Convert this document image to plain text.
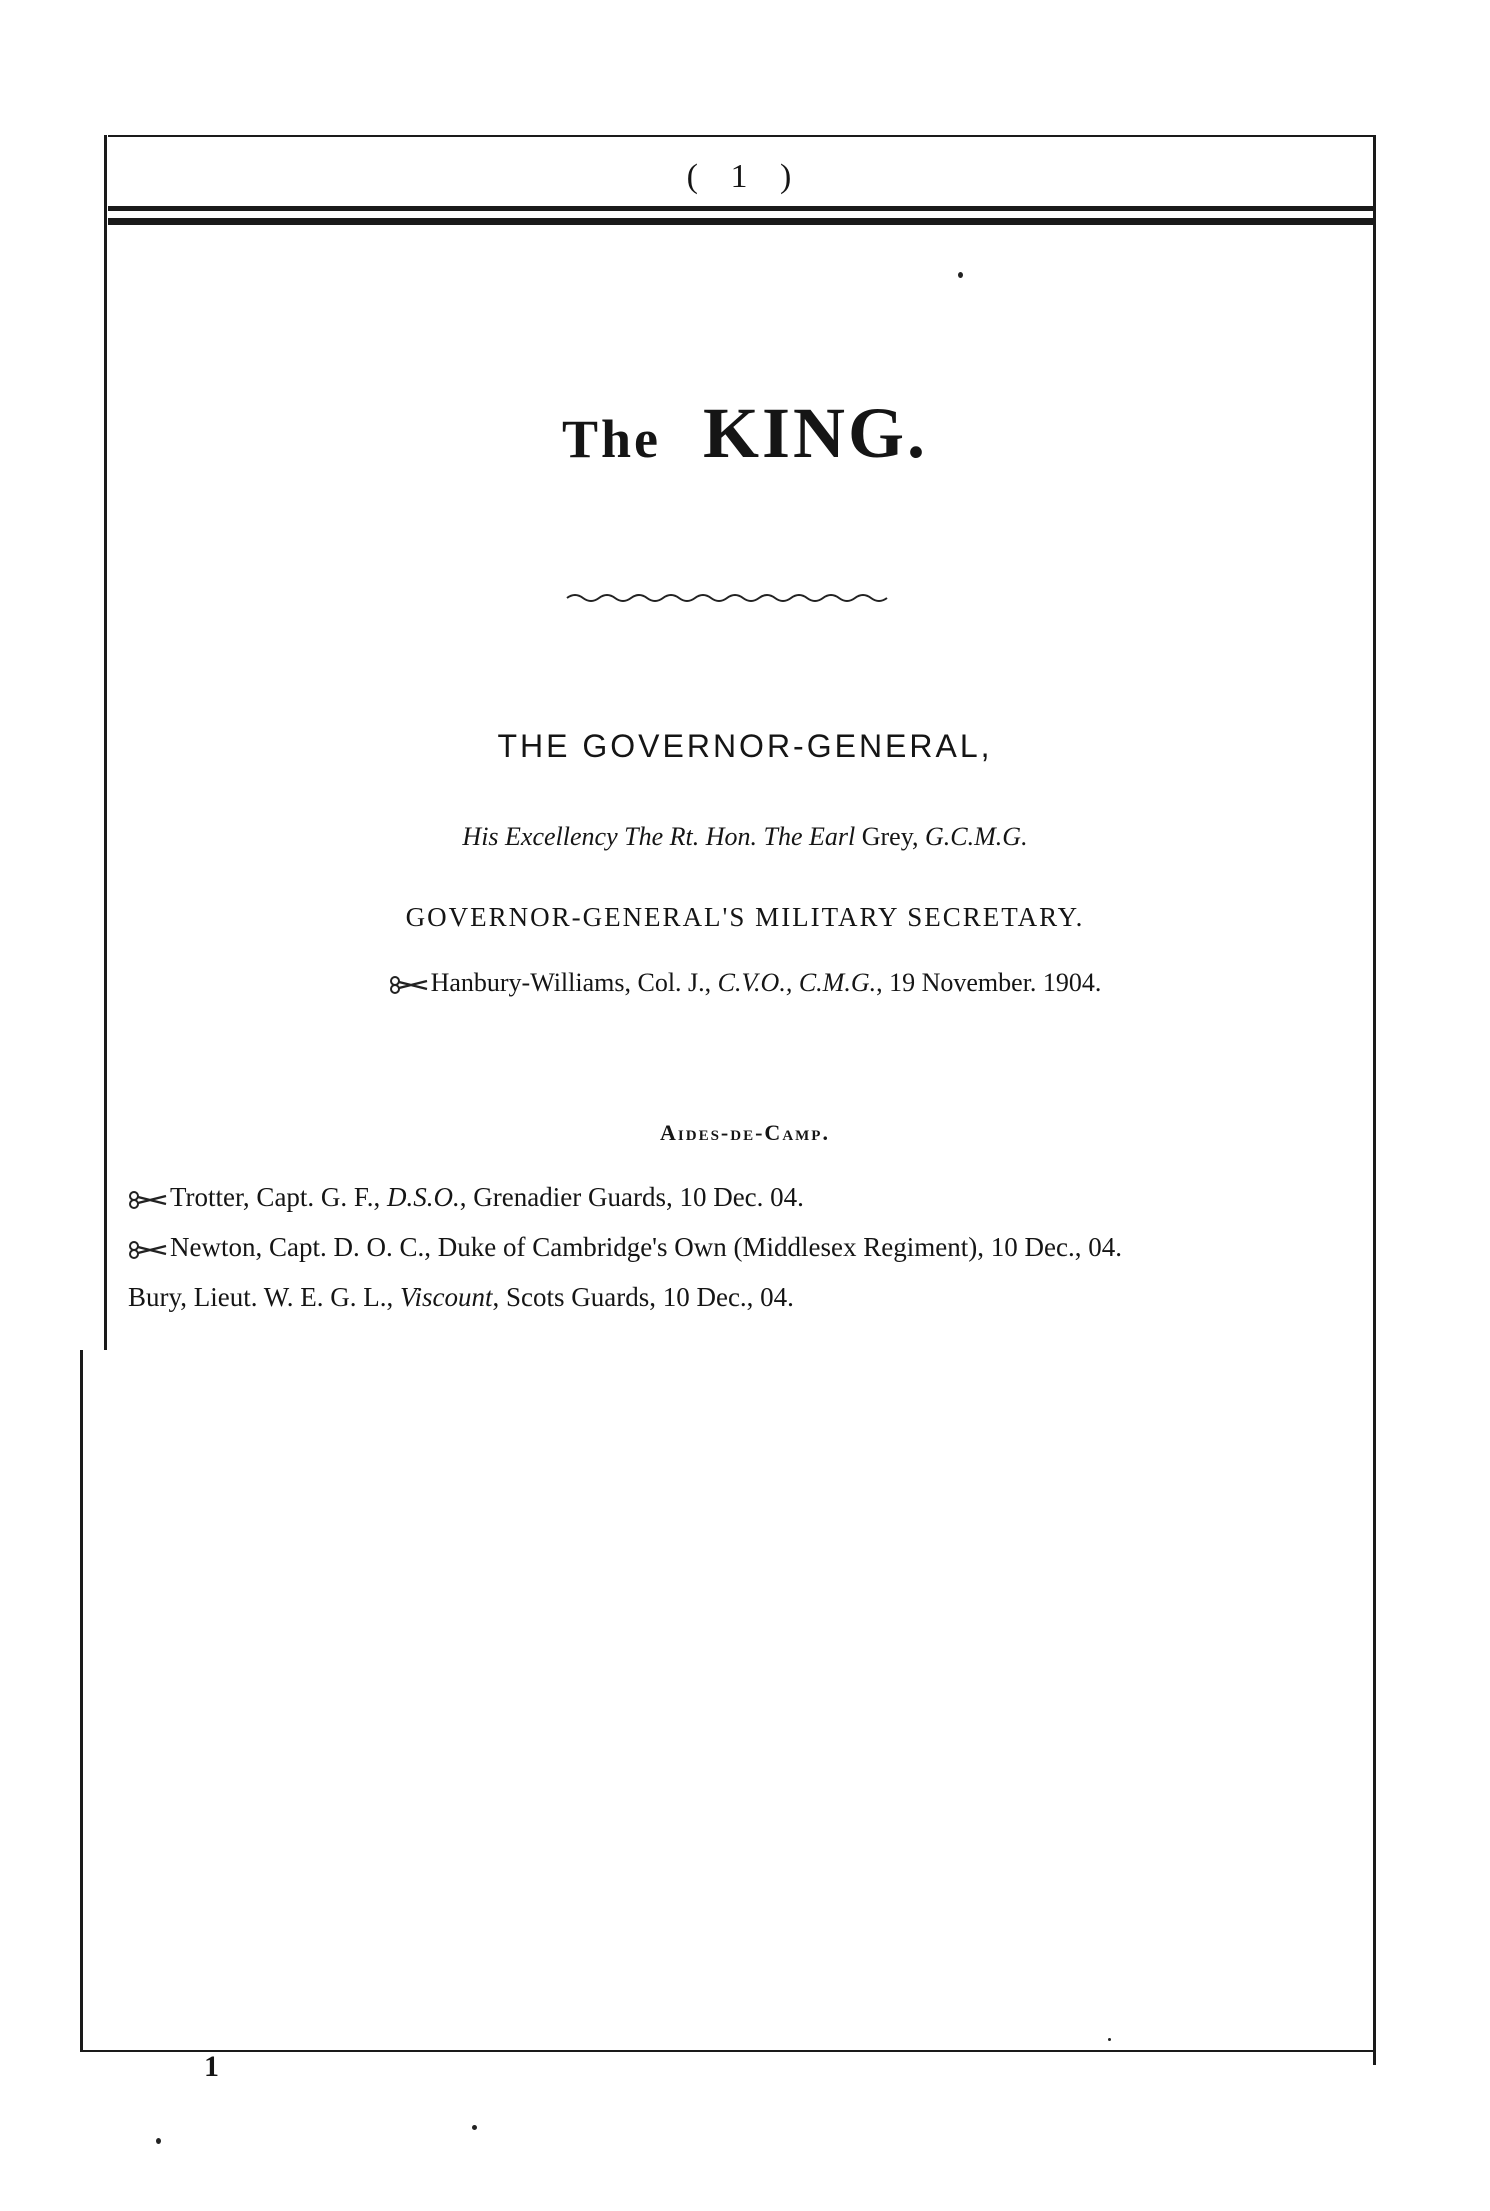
( 1 )
The KING.
THE GOVERNOR-GENERAL,
His Excellency The Rt. Hon. The Earl Grey, G.C.M.G.
GOVERNOR-GENERAL'S MILITARY SECRETARY.
Hanbury-Williams, Col. J., C.V.O., C.M.G., 19 November. 1904.
Aides-de-Camp.
Trotter, Capt. G. F., D.S.O., Grenadier Guards, 10 Dec. 04.
Newton, Capt. D. O. C., Duke of Cambridge's Own (Middlesex Regiment), 10 Dec., 04.
Bury, Lieut. W. E. G. L., Viscount, Scots Guards, 10 Dec., 04.
1
